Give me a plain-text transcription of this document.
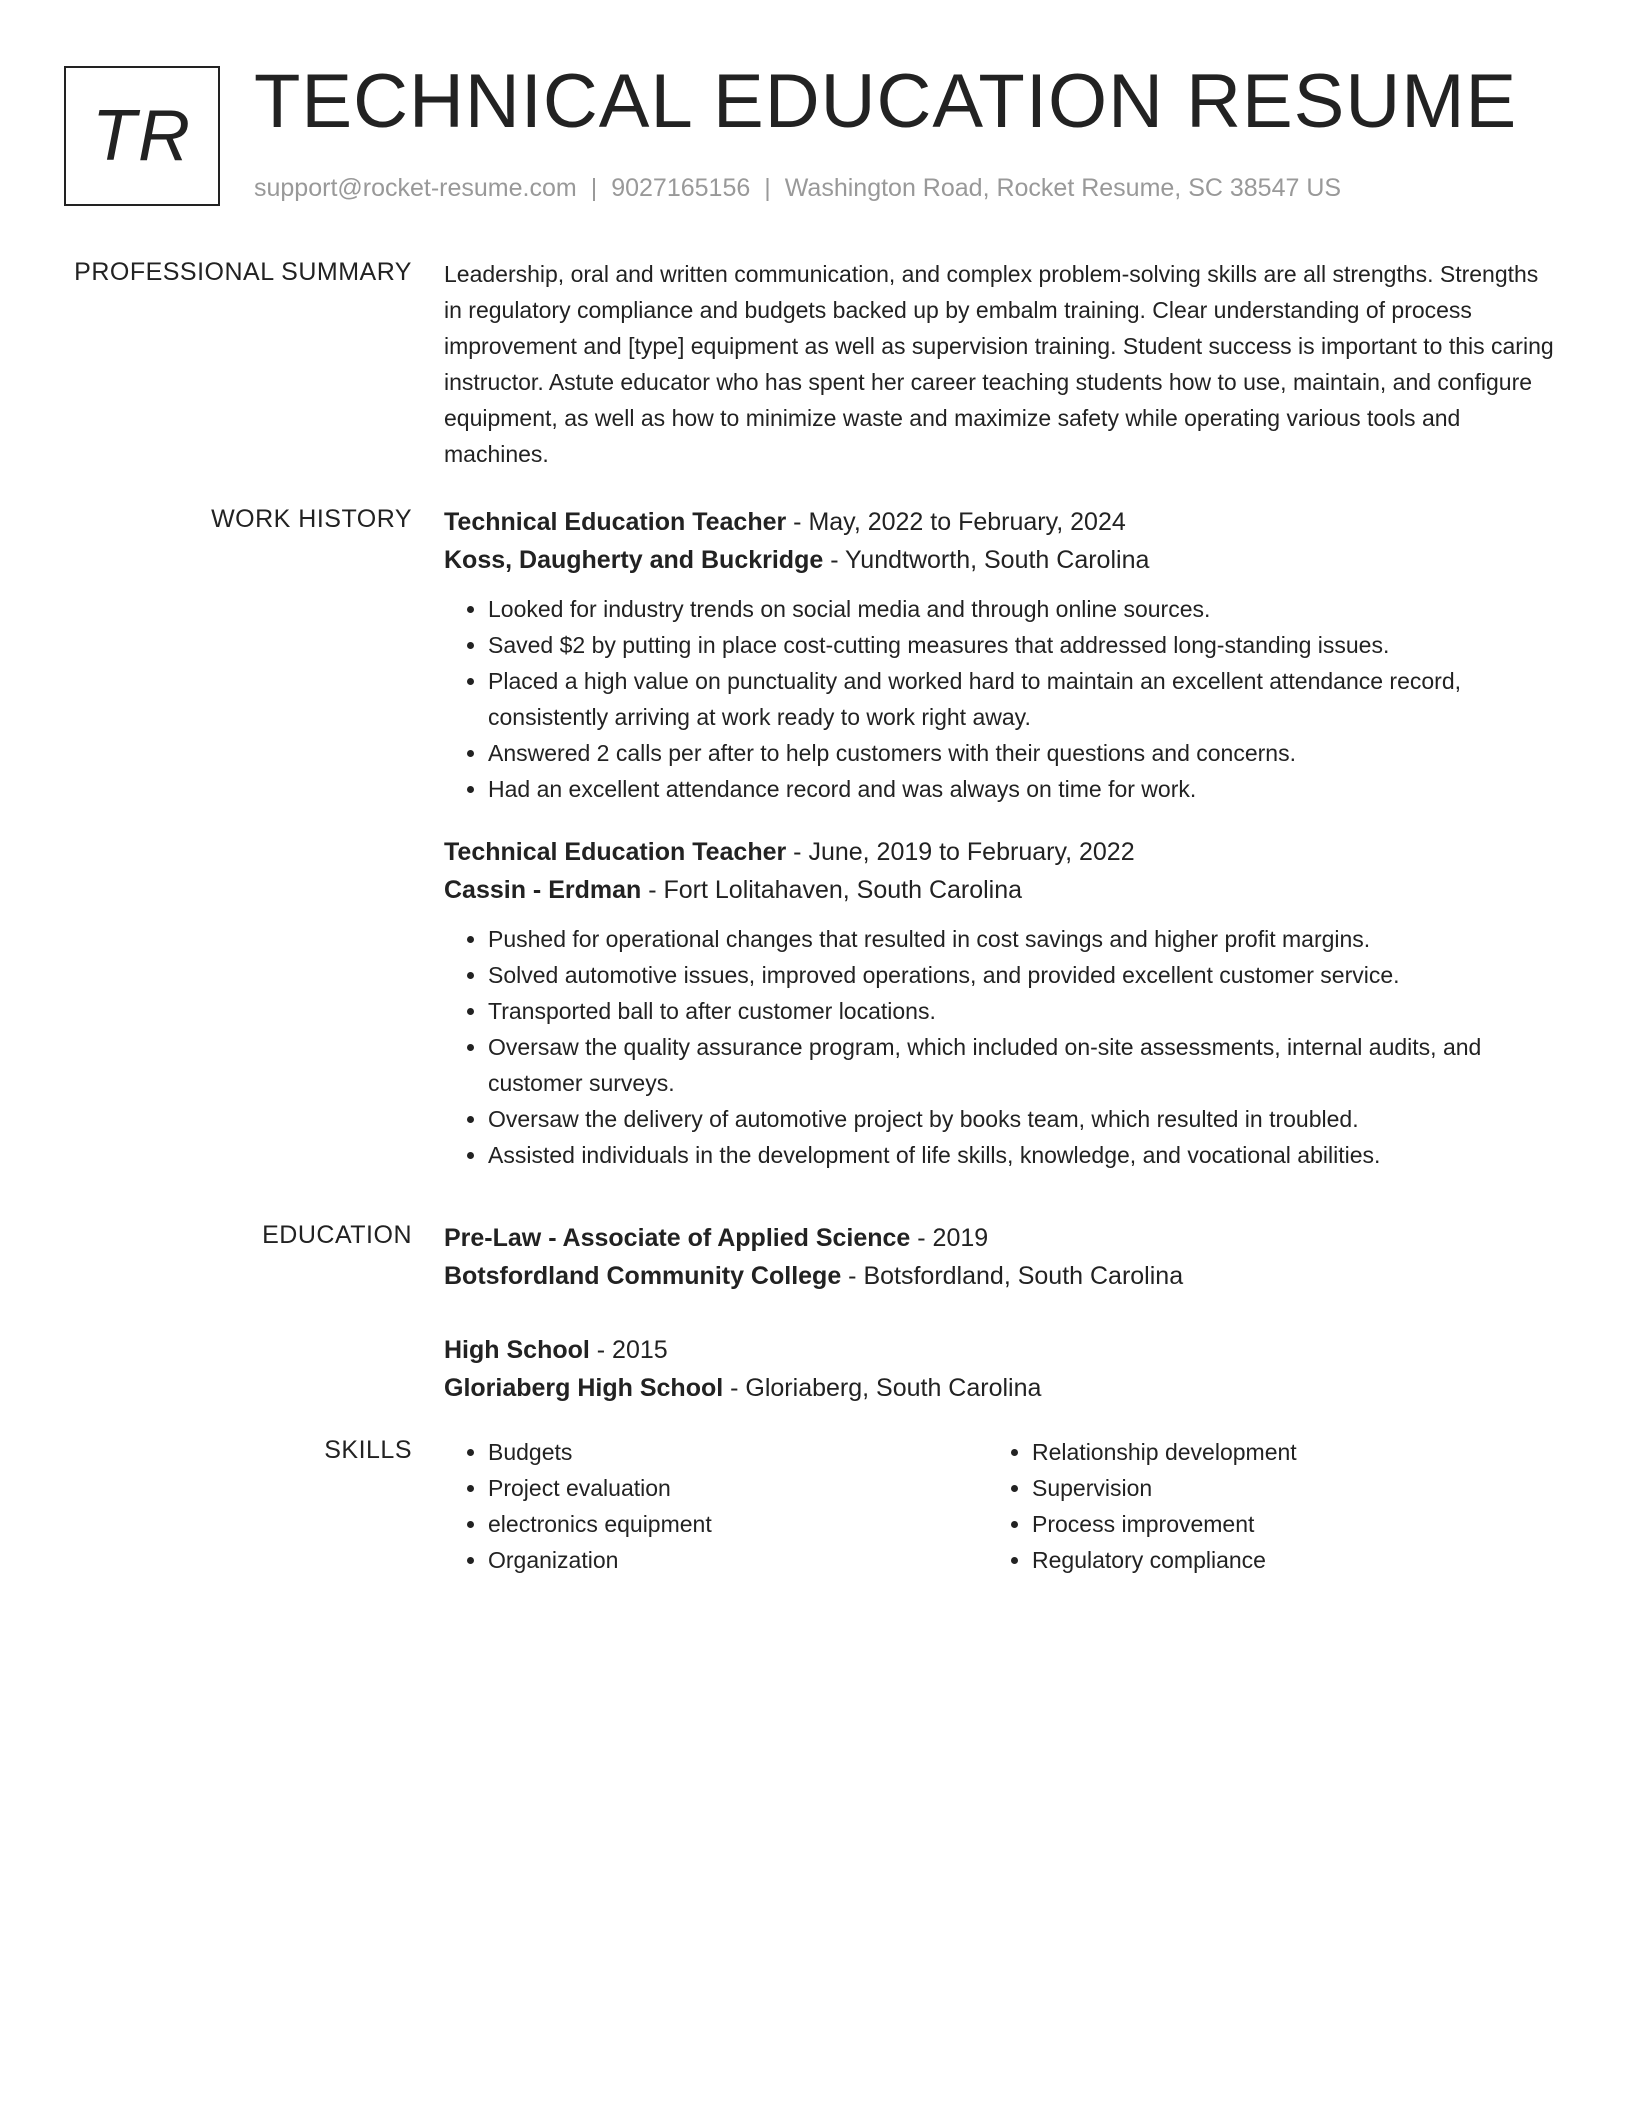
TR TECHNICAL EDUCATION RESUME
support@rocket-resume.com | 9027165156 | Washington Road, Rocket Resume, SC 38547 US
PROFESSIONAL SUMMARY Leadership, oral and written communication, and complex problem-solving skills are all strengths. Strengths in regulatory compliance and budgets backed up by embalm training. Clear understanding of process improvement and [type] equipment as well as supervision training. Student success is important to this caring instructor. Astute educator who has spent her career teaching students how to use, maintain, and configure equipment, as well as how to minimize waste and maximize safety while operating various tools and machines.
WORK HISTORY Technical Education Teacher - May, 2022 to February, 2024
Koss, Daugherty and Buckridge - Yundtworth, South Carolina
• Looked for industry trends on social media and through online sources.
• Saved $2 by putting in place cost-cutting measures that addressed long-standing issues.
• Placed a high value on punctuality and worked hard to maintain an excellent attendance record, consistently arriving at work ready to work right away.
• Answered 2 calls per after to help customers with their questions and concerns.
• Had an excellent attendance record and was always on time for work.
Technical Education Teacher - June, 2019 to February, 2022
Cassin - Erdman - Fort Lolitahaven, South Carolina
• Pushed for operational changes that resulted in cost savings and higher profit margins.
• Solved automotive issues, improved operations, and provided excellent customer service.
• Transported ball to after customer locations.
• Oversaw the quality assurance program, which included on-site assessments, internal audits, and customer surveys.
• Oversaw the delivery of automotive project by books team, which resulted in troubled.
• Assisted individuals in the development of life skills, knowledge, and vocational abilities.
EDUCATION Pre-Law - Associate of Applied Science - 2019
Botsfordland Community College - Botsfordland, South Carolina
High School - 2015
Gloriaberg High School - Gloriaberg, South Carolina
SKILLS
•	Budgets
• Project evaluation
• electronics equipment
• Organization
• Relationship development
• Supervision
• Process improvement
• Regulatory compliance
